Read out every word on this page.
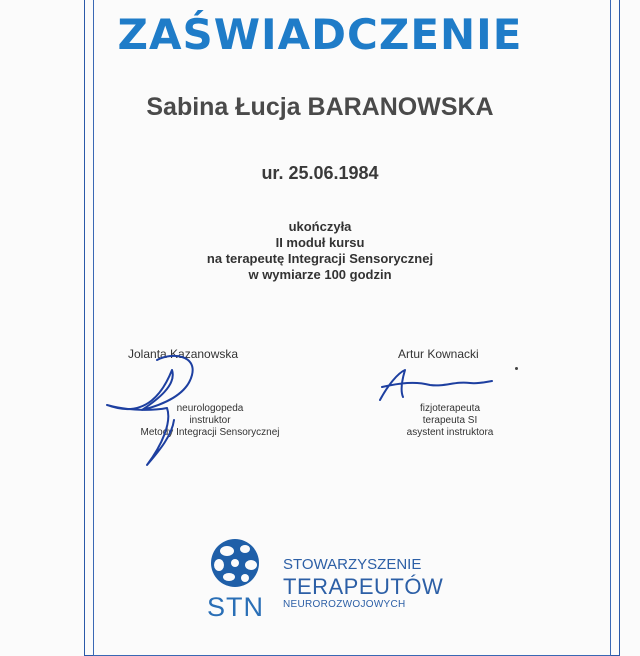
ZAŚWIADCZENIE
Sabina Łucja BARANOWSKA
ur. 25.06.1984
ukończyła
II moduł kursu
na terapeutę Integracji Sensorycznej
w wymiarze 100 godzin
Jolanta Kazanowska
neurologopeda
instruktor
Metody Integracji Sensorycznej
Artur Kownacki
fizjoterapeuta
terapeuta SI
asystent instruktora
STN
STOWARZYSZENIE
TERAPEUTÓW
NEUROROZWOJOWYCH
